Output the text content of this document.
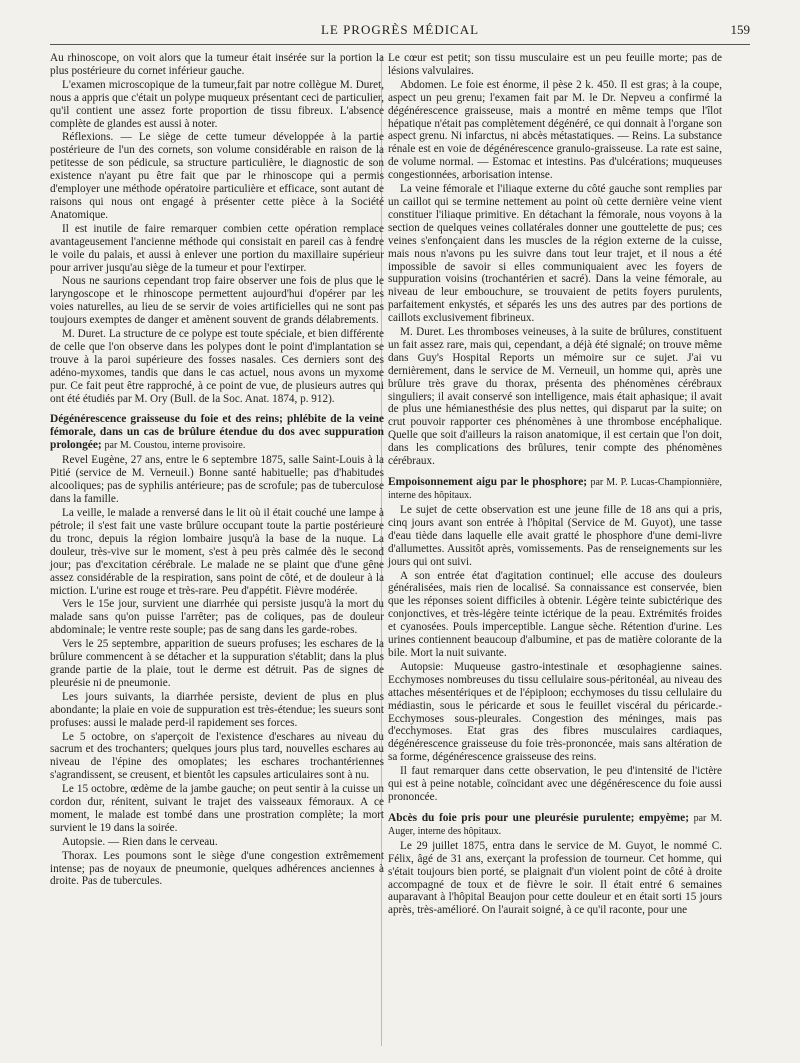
LE PROGRÈS MÉDICAL	159

Au rhinoscope, on voit alors que la tumeur était insérée sur la portion la plus postérieure du cornet inférieur gauche.

L'examen microscopique de la tumeur,fait par notre collègue M. Duret, nous a appris que c'était un polype muqueux présentant ceci de particulier, qu'il contient une assez forte proportion de tissu fibreux. L'absence complète de glandes est aussi à noter.

Réflexions. — Le siège de cette tumeur développée à la partie postérieure de l'un des cornets, son volume considérable en raison de la petitesse de son pédicule, sa structure particulière, le diagnostic de son existence n'ayant pu être fait que par le rhinoscope qui a permis d'employer une méthode opératoire particulière et efficace, sont autant de raisons qui nous ont engagé à présenter cette pièce à la Société Anatomique.

Il est inutile de faire remarquer combien cette opération remplace avantageusement l'ancienne méthode qui consistait en pareil cas à fendre le voile du palais, et aussi à enlever une portion du maxillaire supérieur pour arriver jusqu'au siège de la tumeur et pour l'extirper.

Nous ne saurions cependant trop faire observer une fois de plus que le laryngoscope et le rhinoscope permettent aujourd'hui d'opérer par les voies naturelles, au lieu de se servir de voies artificielles qui ne sont pas toujours exemptes de danger et amènent souvent de grands délabrements.

M. Duret. La structure de ce polype est toute spéciale, et bien différente de celle que l'on observe dans les polypes dont le point d'implantation se trouve à la paroi supérieure des fosses nasales. Ces derniers sont des adéno-myxomes, tandis que dans le cas actuel, nous avons un myxome pur. Ce fait peut être rapproché, à ce point de vue, de plusieurs autres qui ont été étudiés par M. Ory (Bull. de la Soc. Anat. 1874, p. 912).

Dégénérescence graisseuse du foie et des reins; phlébite de la veine fémorale, dans un cas de brûlure étendue du dos avec suppuration prolongée; par M. Coustou, interne provisoire.

Revel Eugène, 27 ans, entre le 6 septembre 1875, salle Saint-Louis à la Pitié (service de M. Verneuil.) Bonne santé habituelle; pas d'habitudes alcooliques; pas de syphilis antérieure; pas de scrofule; pas de tuberculose dans la famille.

La veille, le malade a renversé dans le lit où il était couché une lampe à pétrole; il s'est fait une vaste brûlure occupant toute la partie postérieure du tronc, depuis la région lombaire jusqu'à la base de la nuque. La douleur, très-vive sur le moment, s'est à peu près calmée dès le second jour; pas d'excitation cérébrale. Le malade ne se plaint que d'une gêne assez considérable de la respiration, sans point de côté, et de douleur à la miction. L'urine est rouge et très-rare. Peu d'appétit. Fièvre modérée.

Vers le 15e jour, survient une diarrhée qui persiste jusqu'à la mort du malade sans qu'on puisse l'arrêter; pas de coliques, pas de douleur abdominale; le ventre reste souple; pas de sang dans les garde-robes.

Vers le 25 septembre, apparition de sueurs profuses; les eschares de la brûlure commencent à se détacher et la suppuration s'établit; dans la plus grande partie de la plaie, tout le derme est détruit. Pas de signes de pleurésie ni de pneumonie.

Les jours suivants, la diarrhée persiste, devient de plus en plus abondante; la plaie en voie de suppuration est très-étendue; les sueurs sont profuses: aussi le malade perd-il rapidement ses forces.

Le 5 octobre, on s'aperçoit de l'existence d'eschares au niveau du sacrum et des trochanters; quelques jours plus tard, nouvelles eschares au niveau de l'épine des omoplates; les eschares trochantériennes s'agrandissent, se creusent, et bientôt les capsules articulaires sont à nu.

Le 15 octobre, œdème de la jambe gauche; on peut sentir à la cuisse un cordon dur, rénitent, suivant le trajet des vaisseaux fémoraux. A ce moment, le malade est tombé dans une prostration complète; la mort survient le 19 dans la soirée.

Autopsie. — Rien dans le cerveau.

Thorax. Les poumons sont le siège d'une congestion extrêmement intense; pas de noyaux de pneumonie, quelques adhérences anciennes à droite. Pas de tubercules.

Le cœur est petit; son tissu musculaire est un peu feuille morte; pas de lésions valvulaires.

Abdomen. Le foie est énorme, il pèse 2 k. 450. Il est gras; à la coupe, aspect un peu grenu; l'examen fait par M. le Dr. Nepveu a confirmé la dégénérescence graisseuse, mais a montré en même temps que l'îlot hépatique n'était pas complètement dégénéré, ce qui donnait à l'organe son aspect grenu. Ni infarctus, ni abcès métastatiques. — Reins. La substance rénale est en voie de dégénérescence granulo-graisseuse. La rate est saine, de volume normal. — Estomac et intestins. Pas d'ulcérations; muqueuses congestionnées, arborisation intense.

La veine fémorale et l'iliaque externe du côté gauche sont remplies par un caillot qui se termine nettement au point où cette dernière veine vient constituer l'iliaque primitive. En détachant la fémorale, nous voyons à la section de quelques veines collatérales donner une gouttelette de pus; ces veines s'enfonçaient dans les muscles de la région externe de la cuisse, mais nous n'avons pu les suivre dans tout leur trajet, et il nous a été impossible de savoir si elles communiquaient avec les foyers de suppuration voisins (trochantérien et sacré). Dans la veine fémorale, au niveau de leur embouchure, se trouvaient de petits foyers purulents, parfaitement enkystés, et séparés les uns des autres par des portions de caillots exclusivement fibrineux.

M. Duret. Les thromboses veineuses, à la suite de brûlures, constituent un fait assez rare, mais qui, cependant, a déjà été signalé; on trouve même dans Guy's Hospital Reports un mémoire sur ce sujet. J'ai vu dernièrement, dans le service de M. Verneuil, un homme qui, après une brûlure très grave du thorax, présenta des phénomènes cérébraux singuliers; il avait conservé son intelligence, mais était aphasique; il avait de plus une hémianesthésie des plus nettes, qui disparut par la suite; on crut pouvoir rapporter ces phénomènes à une thrombose encéphalique. Quelle que soit d'ailleurs la raison anatomique, il est certain que l'on doit, dans les complications des brûlures, tenir compte des phénomènes cérébraux.

Empoisonnement aigu par le phosphore; par M. P. Lucas-Championnière, interne des hôpitaux.

Le sujet de cette observation est une jeune fille de 18 ans qui a pris, cinq jours avant son entrée à l'hôpital (Service de M. Guyot), une tasse d'eau tiède dans laquelle elle avait gratté le phosphore d'une demi-livre d'allumettes. Aussitôt après, vomissements. Pas de renseignements sur les jours qui ont suivi.

A son entrée état d'agitation continuel; elle accuse des douleurs généralisées, mais rien de localisé. Sa connaissance est conservée, bien que les réponses soient difficiles à obtenir. Légère teinte subictérique des conjonctives, et très-légère teinte ictérique de la peau. Extrémités froides et cyanosées. Pouls imperceptible. Langue sèche. Rétention d'urine. Les urines contiennent beaucoup d'albumine, et pas de matière colorante de la bile. Mort la nuit suivante.

Autopsie: Muqueuse gastro-intestinale et œsophagienne saines. Ecchymoses nombreuses du tissu cellulaire sous-péritonéal, au niveau des attaches mésentériques et de l'épiploon; ecchymoses du tissu cellulaire du médiastin, sous le péricarde et sous le feuillet viscéral du péricarde.-Ecchymoses sous-pleurales. Congestion des méninges, mais pas d'ecchymoses. Etat gras des fibres musculaires cardiaques, dégénérescence graisseuse du foie très-prononcée, mais sans altération de sa forme, dégénérescence graisseuse des reins.

Il faut remarquer dans cette observation, le peu d'intensité de l'ictère qui est à peine notable, coïncidant avec une dégénérescence du foie aussi prononcée.

Abcès du foie pris pour une pleurésie purulente; empyème; par M. Auger, interne des hôpitaux.

Le 29 juillet 1875, entra dans le service de M. Guyot, le nommé C. Félix, âgé de 31 ans, exerçant la profession de tourneur. Cet homme, qui s'était toujours bien porté, se plaignait d'un violent point de côté à droite accompagné de toux et de fièvre le soir. Il était entré 6 semaines auparavant à l'hôpital Beaujon pour cette douleur et en était sorti 15 jours après, très-amélioré. On l'aurait soigné, à ce qu'il raconte, pour une
